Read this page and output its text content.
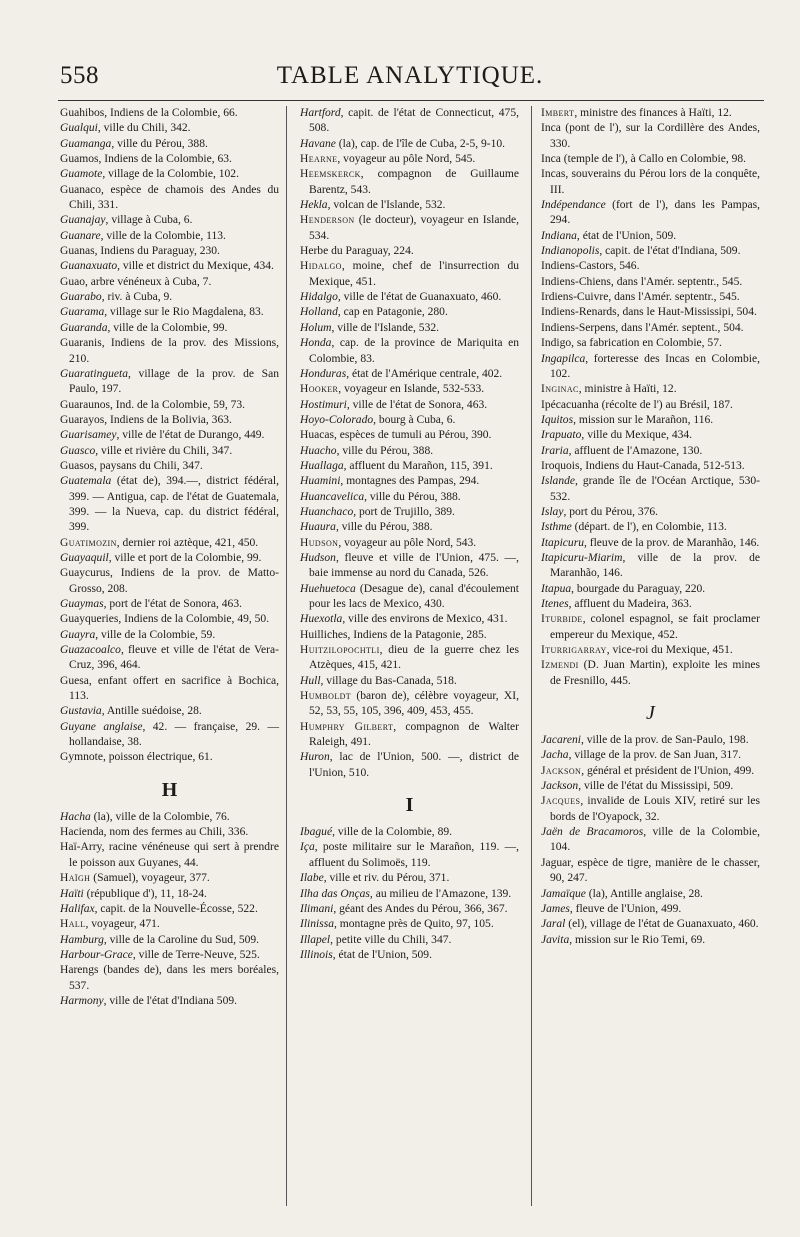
558	TABLE ANALYTIQUE.
Guahibos, Indiens de la Colombie, 66.
Gualqui, ville du Chili, 342.
Guamanga, ville du Pérou, 388.
Guamos, Indiens de la Colombie, 63.
Guamote, village de la Colombie, 102.
Guanaco, espèce de chamois des Andes du Chili, 331.
Guanajay, village à Cuba, 6.
Guanare, ville de la Colombie, 113.
Guanas, Indiens du Paraguay, 230.
Guanaxuato, ville et district du Mexique, 434.
Guao, arbre vénéneux à Cuba, 7.
Guarabo, riv. à Cuba, 9.
Guarama, village sur le Rio Magdalena, 83.
Guaranda, ville de la Colombie, 99.
Guaranis, Indiens de la prov. des Missions, 210.
Guaratingueta, village de la prov. de San Paulo, 197.
Guaraunos, Ind. de la Colombie, 59, 73.
Guarayos, Indiens de la Bolivia, 363.
Guarisamey, ville de l'état de Durango, 449.
Guasco, ville et rivière du Chili, 347.
Guasos, paysans du Chili, 347.
Guatemala (état de), 394.—, district fédéral, 399. — Antigua, cap. de l'état de Guatemala, 399. — la Nueva, cap. du district fédéral, 399.
Guatimozin, dernier roi aztèque, 421, 450.
Guayaquil, ville et port de la Colombie, 99.
Guaycurus, Indiens de la prov. de Matto-Grosso, 208.
Guaymas, port de l'état de Sonora, 463.
Guayqueries, Indiens de la Colombie, 49, 50.
Guayra, ville de la Colombie, 59.
Guazacoalco, fleuve et ville de l'état de Vera-Cruz, 396, 464.
Guesa, enfant offert en sacrifice à Bochica, 113.
Gustavia, Antille suédoise, 28.
Guyane anglaise, 42. — française, 29. — hollandaise, 38.
Gymnote, poisson électrique, 61.
H
Hacha (la), ville de la Colombie, 76.
Hacienda, nom des fermes au Chili, 336.
Haï-Arry, racine vénéneuse qui sert à prendre le poisson aux Guyanes, 44.
Haïgh (Samuel), voyageur, 377.
Haïti (république d'), 11, 18-24.
Halifax, capit. de la Nouvelle-Écosse, 522.
Hall, voyageur, 471.
Hamburg, ville de la Caroline du Sud, 509.
Harbour-Grace, ville de Terre-Neuve, 525.
Harengs (bandes de), dans les mers boréales, 537.
Harmony, ville de l'état d'Indiana 509.
Hartford, capit. de l'état de Connecticut, 475, 508.
Havane (la), cap. de l'île de Cuba, 2-5, 9-10.
Hearne, voyageur au pôle Nord, 545.
Heemskerck, compagnon de Guillaume Barentz, 543.
Hekla, volcan de l'Islande, 532.
Henderson (le docteur), voyageur en Islande, 534.
Herbe du Paraguay, 224.
Hidalgo, moine, chef de l'insurrection du Mexique, 451.
Hidalgo, ville de l'état de Guanaxuato, 460.
Holland, cap en Patagonie, 280.
Holum, ville de l'Islande, 532.
Honda, cap. de la province de Mariquita en Colombie, 83.
Honduras, état de l'Amérique centrale, 402.
Hooker, voyageur en Islande, 532-533.
Hostimuri, ville de l'état de Sonora, 463.
Hoyo-Colorado, bourg à Cuba, 6.
Huacas, espèces de tumuli au Pérou, 390.
Huacho, ville du Pérou, 388.
Huallaga, affluent du Marañon, 115, 391.
Huamini, montagnes des Pampas, 294.
Huancavelica, ville du Pérou, 388.
Huanchaco, port de Trujillo, 389.
Huaura, ville du Pérou, 388.
Hudson, voyageur au pôle Nord, 543.
Hudson, fleuve et ville de l'Union, 475. —, baie immense au nord du Canada, 526.
Huehuetoca (Desague de), canal d'écoulement pour les lacs de Mexico, 430.
Huexotla, ville des environs de Mexico, 431.
Huilliches, Indiens de la Patagonie, 285.
Huitzilopochtli, dieu de la guerre chez les Atzèques, 415, 421.
Hull, village du Bas-Canada, 518.
Humboldt (baron de), célèbre voyageur, XI, 52, 53, 55, 105, 396, 409, 453, 455.
Humphry Gilbert, compagnon de Walter Raleigh, 491.
Huron, lac de l'Union, 500. —, district de l'Union, 510.
I
Ibagué, ville de la Colombie, 89.
Iça, poste militaire sur le Marañon, 119. —, affluent du Solimoës, 119.
Ilabe, ville et riv. du Pérou, 371.
Ilha das Onças, au milieu de l'Amazone, 139.
Ilimani, géant des Andes du Pérou, 366, 367.
Ilinissa, montagne près de Quito, 97, 105.
Illapel, petite ville du Chili, 347.
Illinois, état de l'Union, 509.
Imbert, ministre des finances à Haïti, 12.
Inca (pont de l'), sur la Cordillère des Andes, 330.
Inca (temple de l'), à Callo en Colombie, 98.
Incas, souverains du Pérou lors de la conquête, III.
Indépendance (fort de l'), dans les Pampas, 294.
Indiana, état de l'Union, 509.
Indianopolis, capit. de l'état d'Indiana, 509.
Indiens-Castors, 546.
Indiens-Chiens, dans l'Amér. septentr., 545.
Irdiens-Cuivre, dans l'Amér. septentr., 545.
Indiens-Renards, dans le Haut-Mississipi, 504.
Indiens-Serpens, dans l'Amér. septent., 504.
Indigo, sa fabrication en Colombie, 57.
Ingapilca, forteresse des Incas en Colombie, 102.
Inginac, ministre à Haïti, 12.
Ipécacuanha (récolte de l') au Brésil, 187.
Iquitos, mission sur le Marañon, 116.
Irapuato, ville du Mexique, 434.
Iraria, affluent de l'Amazone, 130.
Iroquois, Indiens du Haut-Canada, 512-513.
Islande, grande île de l'Océan Arctique, 530-532.
Islay, port du Pérou, 376.
Isthme (départ. de l'), en Colombie, 113.
Itapicuru, fleuve de la prov. de Maranhão, 146.
Itapicuru-Miarim, ville de la prov. de Maranhão, 146.
Itapua, bourgade du Paraguay, 220.
Itenes, affluent du Madeira, 363.
Iturbide, colonel espagnol, se fait proclamer empereur du Mexique, 452.
Iturrigarray, vice-roi du Mexique, 451.
Izmendi (D. Juan Martin), exploite les mines de Fresnillo, 445.
J
Jacareni, ville de la prov. de San-Paulo, 198.
Jacha, village de la prov. de San Juan, 317.
Jackson, général et président de l'Union, 499.
Jackson, ville de l'état du Mississipi, 509.
Jacques, invalide de Louis XIV, retiré sur les bords de l'Oyapock, 32.
Jaën de Bracamoros, ville de la Colombie, 104.
Jaguar, espèce de tigre, manière de le chasser, 90, 247.
Jamaïque (la), Antille anglaise, 28.
James, fleuve de l'Union, 499.
Jaral (el), village de l'état de Guanaxuato, 460.
Javita, mission sur le Rio Temi, 69.
